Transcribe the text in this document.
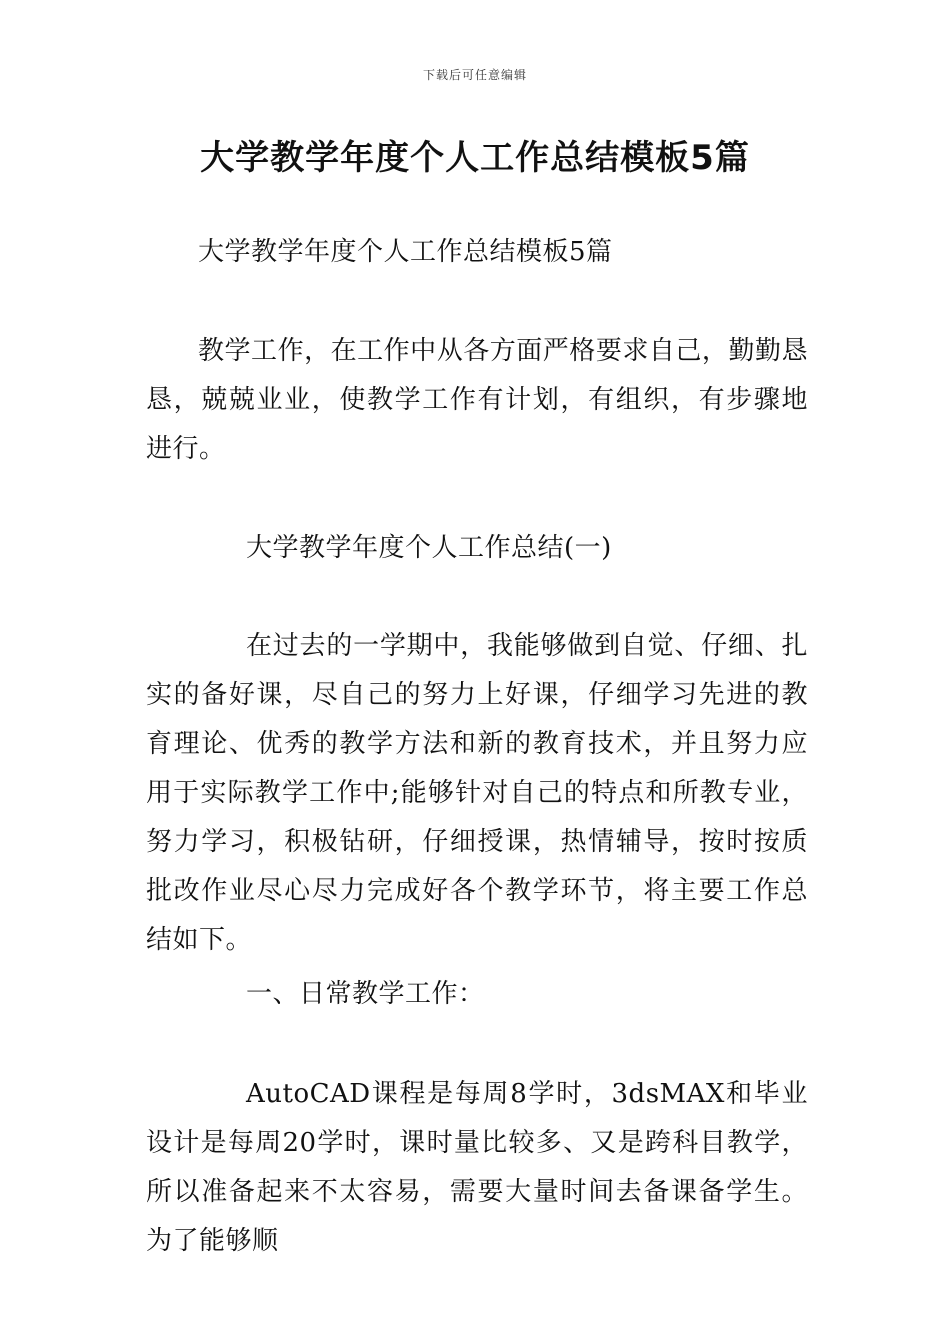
下载后可任意编辑
大学教学年度个人工作总结模板5篇

大学教学年度个人工作总结模板5篇

教学工作，在工作中从各方面严格要求自己，勤勤恳恳，兢兢业业，使教学工作有计划，有组织，有步骤地进行。

大学教学年度个人工作总结(一)

在过去的一学期中，我能够做到自觉、仔细、扎实的备好课，尽自己的努力上好课，仔细学习先进的教育理论、优秀的教学方法和新的教育技术，并且努力应用于实际教学工作中;能够针对自己的特点和所教专业，努力学习，积极钻研，仔细授课，热情辅导，按时按质批改作业尽心尽力完成好各个教学环节，将主要工作总结如下。

一、日常教学工作：

AutoCAD课程是每周8学时，3dsMAX和毕业设计是每周20学时，课时量比较多、又是跨科目教学，所以准备起来不太容易，需要大量时间去备课备学生。为了能够顺
